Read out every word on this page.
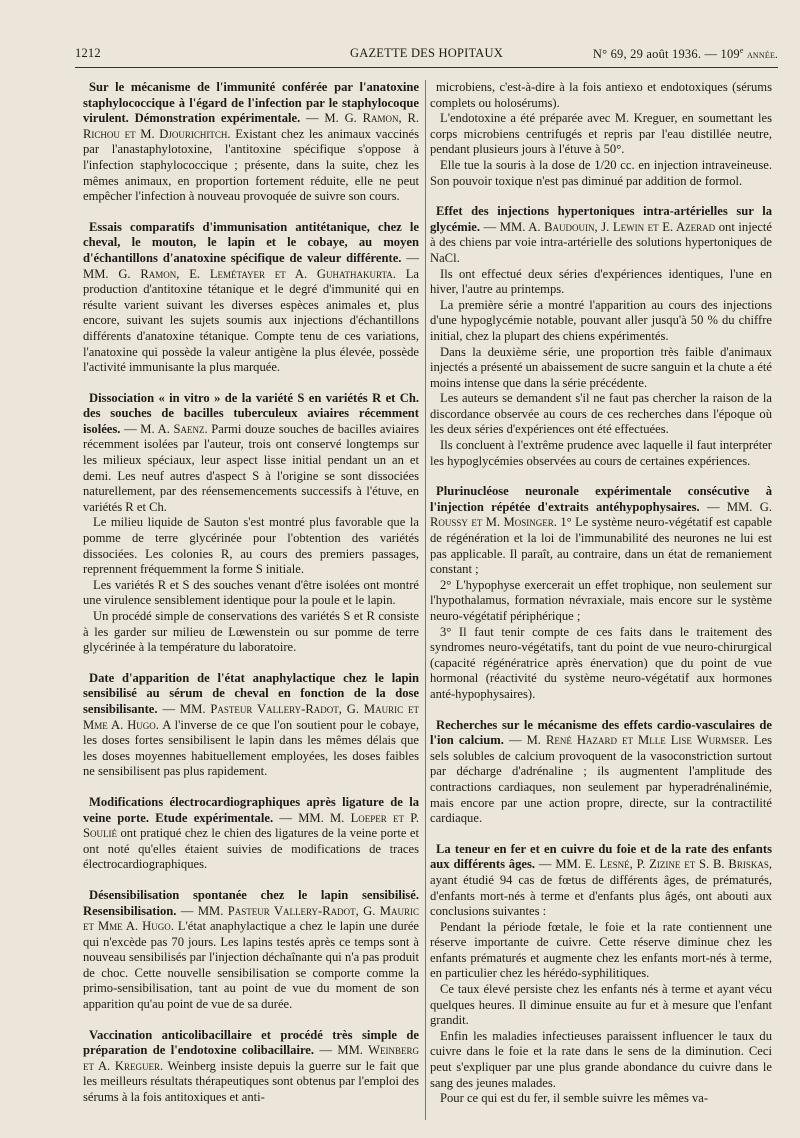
1212	GAZETTE DES HOPITAUX	N° 69, 29 août 1936. — 109e année.

Sur le mécanisme de l'immunité conférée par l'anatoxine staphylococcique à l'égard de l'infection par le staphylocoque virulent. Démonstration expérimentale. — M. G. Ramon, R. Richou et M. Djourichitch. Existant chez les animaux vaccinés par l'anastaphylotoxine, l'antitoxine spécifique s'oppose à l'infection staphylococcique ; présente, dans la suite, chez les mêmes animaux, en proportion fortement réduite, elle ne peut empêcher l'infection à nouveau provoquée de suivre son cours.

Essais comparatifs d'immunisation antitétanique, chez le cheval, le mouton, le lapin et le cobaye, au moyen d'échantillons d'anatoxine spécifique de valeur différente. — MM. G. Ramon, E. Lemétayer et A. Guhathakurta. La production d'antitoxine tétanique et le degré d'immunité qui en résulte varient suivant les diverses espèces animales et, plus encore, suivant les sujets soumis aux injections d'échantillons différents d'anatoxine tétanique. Compte tenu de ces variations, l'anatoxine qui possède la valeur antigène la plus élevée, possède l'activité immunisante la plus marquée.

Dissociation « in vitro » de la variété S en variétés R et Ch. des souches de bacilles tuberculeux aviaires récemment isolées. — M. A. Saenz. Parmi douze souches de bacilles aviaires récemment isolées par l'auteur, trois ont conservé longtemps sur les milieux spéciaux, leur aspect lisse initial pendant un an et demi. Les neuf autres d'aspect S à l'origine se sont dissociées naturellement, par des réensemencements successifs à l'étuve, en variétés R et Ch.

Le milieu liquide de Sauton s'est montré plus favorable que la pomme de terre glycérinée pour l'obtention des variétés dissociées. Les colonies R, au cours des premiers passages, reprennent fréquemment la forme S initiale.

Les variétés R et S des souches venant d'être isolées ont montré une virulence sensiblement identique pour la poule et le lapin.

Un procédé simple de conservations des variétés S et R consiste à les garder sur milieu de Lœwenstein ou sur pomme de terre glycérinée à la température du laboratoire.

Date d'apparition de l'état anaphylactique chez le lapin sensibilisé au sérum de cheval en fonction de la dose sensibilisante. — MM. Pasteur Vallery-Radot, G. Mauric et Mme A. Hugo. A l'inverse de ce que l'on soutient pour le cobaye, les doses fortes sensibilisent le lapin dans les mêmes délais que les doses moyennes habituellement employées, les doses faibles ne sensibilisent pas plus rapidement.

Modifications électrocardiographiques après ligature de la veine porte. Etude expérimentale. — MM. M. Loeper et P. Soulié ont pratiqué chez le chien des ligatures de la veine porte et ont noté qu'elles étaient suivies de modifications de traces électrocardiographiques.

Désensibilisation spontanée chez le lapin sensibilisé. Resensibilisation. — MM. Pasteur Vallery-Radot, G. Mauric et Mme A. Hugo. L'état anaphylactique a chez le lapin une durée qui n'excède pas 70 jours. Les lapins testés après ce temps sont à nouveau sensibilisés par l'injection déchaînante qui n'a pas produit de choc. Cette nouvelle sensibilisation se comporte comme la primo-sensibilisation, tant au point de vue du moment de son apparition qu'au point de vue de sa durée.

Vaccination anticolibacillaire et procédé très simple de préparation de l'endotoxine colibacillaire. — MM. Weinberg et A. Kreguer. Weinberg insiste depuis la guerre sur le fait que les meilleurs résultats thérapeutiques sont obtenus par l'emploi des sérums à la fois antitoxiques et anti-

microbiens, c'est-à-dire à la fois antiexo et endotoxiques (sérums complets ou holosérums).

L'endotoxine a été préparée avec M. Kreguer, en soumettant les corps microbiens centrifugés et repris par l'eau distillée neutre, pendant plusieurs jours à l'étuve à 50°.

Elle tue la souris à la dose de 1/20 cc. en injection intraveineuse. Son pouvoir toxique n'est pas diminué par addition de formol.

Effet des injections hypertoniques intra-artérielles sur la glycémie. — MM. A. Baudouin, J. Lewin et E. Azerad ont injecté à des chiens par voie intra-artérielle des solutions hypertoniques de NaCl.

Ils ont effectué deux séries d'expériences identiques, l'une en hiver, l'autre au printemps.

La première série a montré l'apparition au cours des injections d'une hypoglycémie notable, pouvant aller jusqu'à 50 % du chiffre initial, chez la plupart des chiens expérimentés.

Dans la deuxième série, une proportion très faible d'animaux injectés a présenté un abaissement de sucre sanguin et la chute a été moins intense que dans la série précédente.

Les auteurs se demandent s'il ne faut pas chercher la raison de la discordance observée au cours de ces recherches dans l'époque où les deux séries d'expériences ont été effectuées.

Ils concluent à l'extrême prudence avec laquelle il faut interpréter les hypoglycémies observées au cours de certaines expériences.

Plurinucléose neuronale expérimentale consécutive à l'injection répétée d'extraits antéhypophysaires. — MM. G. Roussy et M. Mosinger. 1° Le système neuro-végétatif est capable de régénération et la loi de l'immunabilité des neurones ne lui est pas applicable. Il paraît, au contraire, dans un état de remaniement constant ;

2° L'hypophyse exercerait un effet trophique, non seulement sur l'hypothalamus, formation névraxiale, mais encore sur le système neuro-végétatif périphérique ;

3° Il faut tenir compte de ces faits dans le traitement des syndromes neuro-végétatifs, tant du point de vue neuro-chirurgical (capacité régénératrice après énervation) que du point de vue hormonal (réactivité du système neuro-végétatif aux hormones anté-hypophysaires).

Recherches sur le mécanisme des effets cardio-vasculaires de l'ion calcium. — M. René Hazard et Mlle Lise Wurmser. Les sels solubles de calcium provoquent de la vasoconstriction surtout par décharge d'adrénaline ; ils augmentent l'amplitude des contractions cardiaques, non seulement par hyperadrénalinémie, mais encore par une action propre, directe, sur la contractilité cardiaque.

La teneur en fer et en cuivre du foie et de la rate des enfants aux différents âges. — MM. E. Lesné, P. Zizine et S. B. Briskas, ayant étudié 94 cas de fœtus de différents âges, de prématurés, d'enfants mort-nés à terme et d'enfants plus âgés, ont abouti aux conclusions suivantes :

Pendant la période fœtale, le foie et la rate contiennent une réserve importante de cuivre. Cette réserve diminue chez les enfants prématurés et augmente chez les enfants mort-nés à terme, en particulier chez les hérédo-syphilitiques.

Ce taux élevé persiste chez les enfants nés à terme et ayant vécu quelques heures. Il diminue ensuite au fur et à mesure que l'enfant grandit.

Enfin les maladies infectieuses paraissent influencer le taux du cuivre dans le foie et la rate dans le sens de la diminution. Ceci peut s'expliquer par une plus grande abondance du cuivre dans le sang des jeunes malades.

Pour ce qui est du fer, il semble suivre les mêmes va-
